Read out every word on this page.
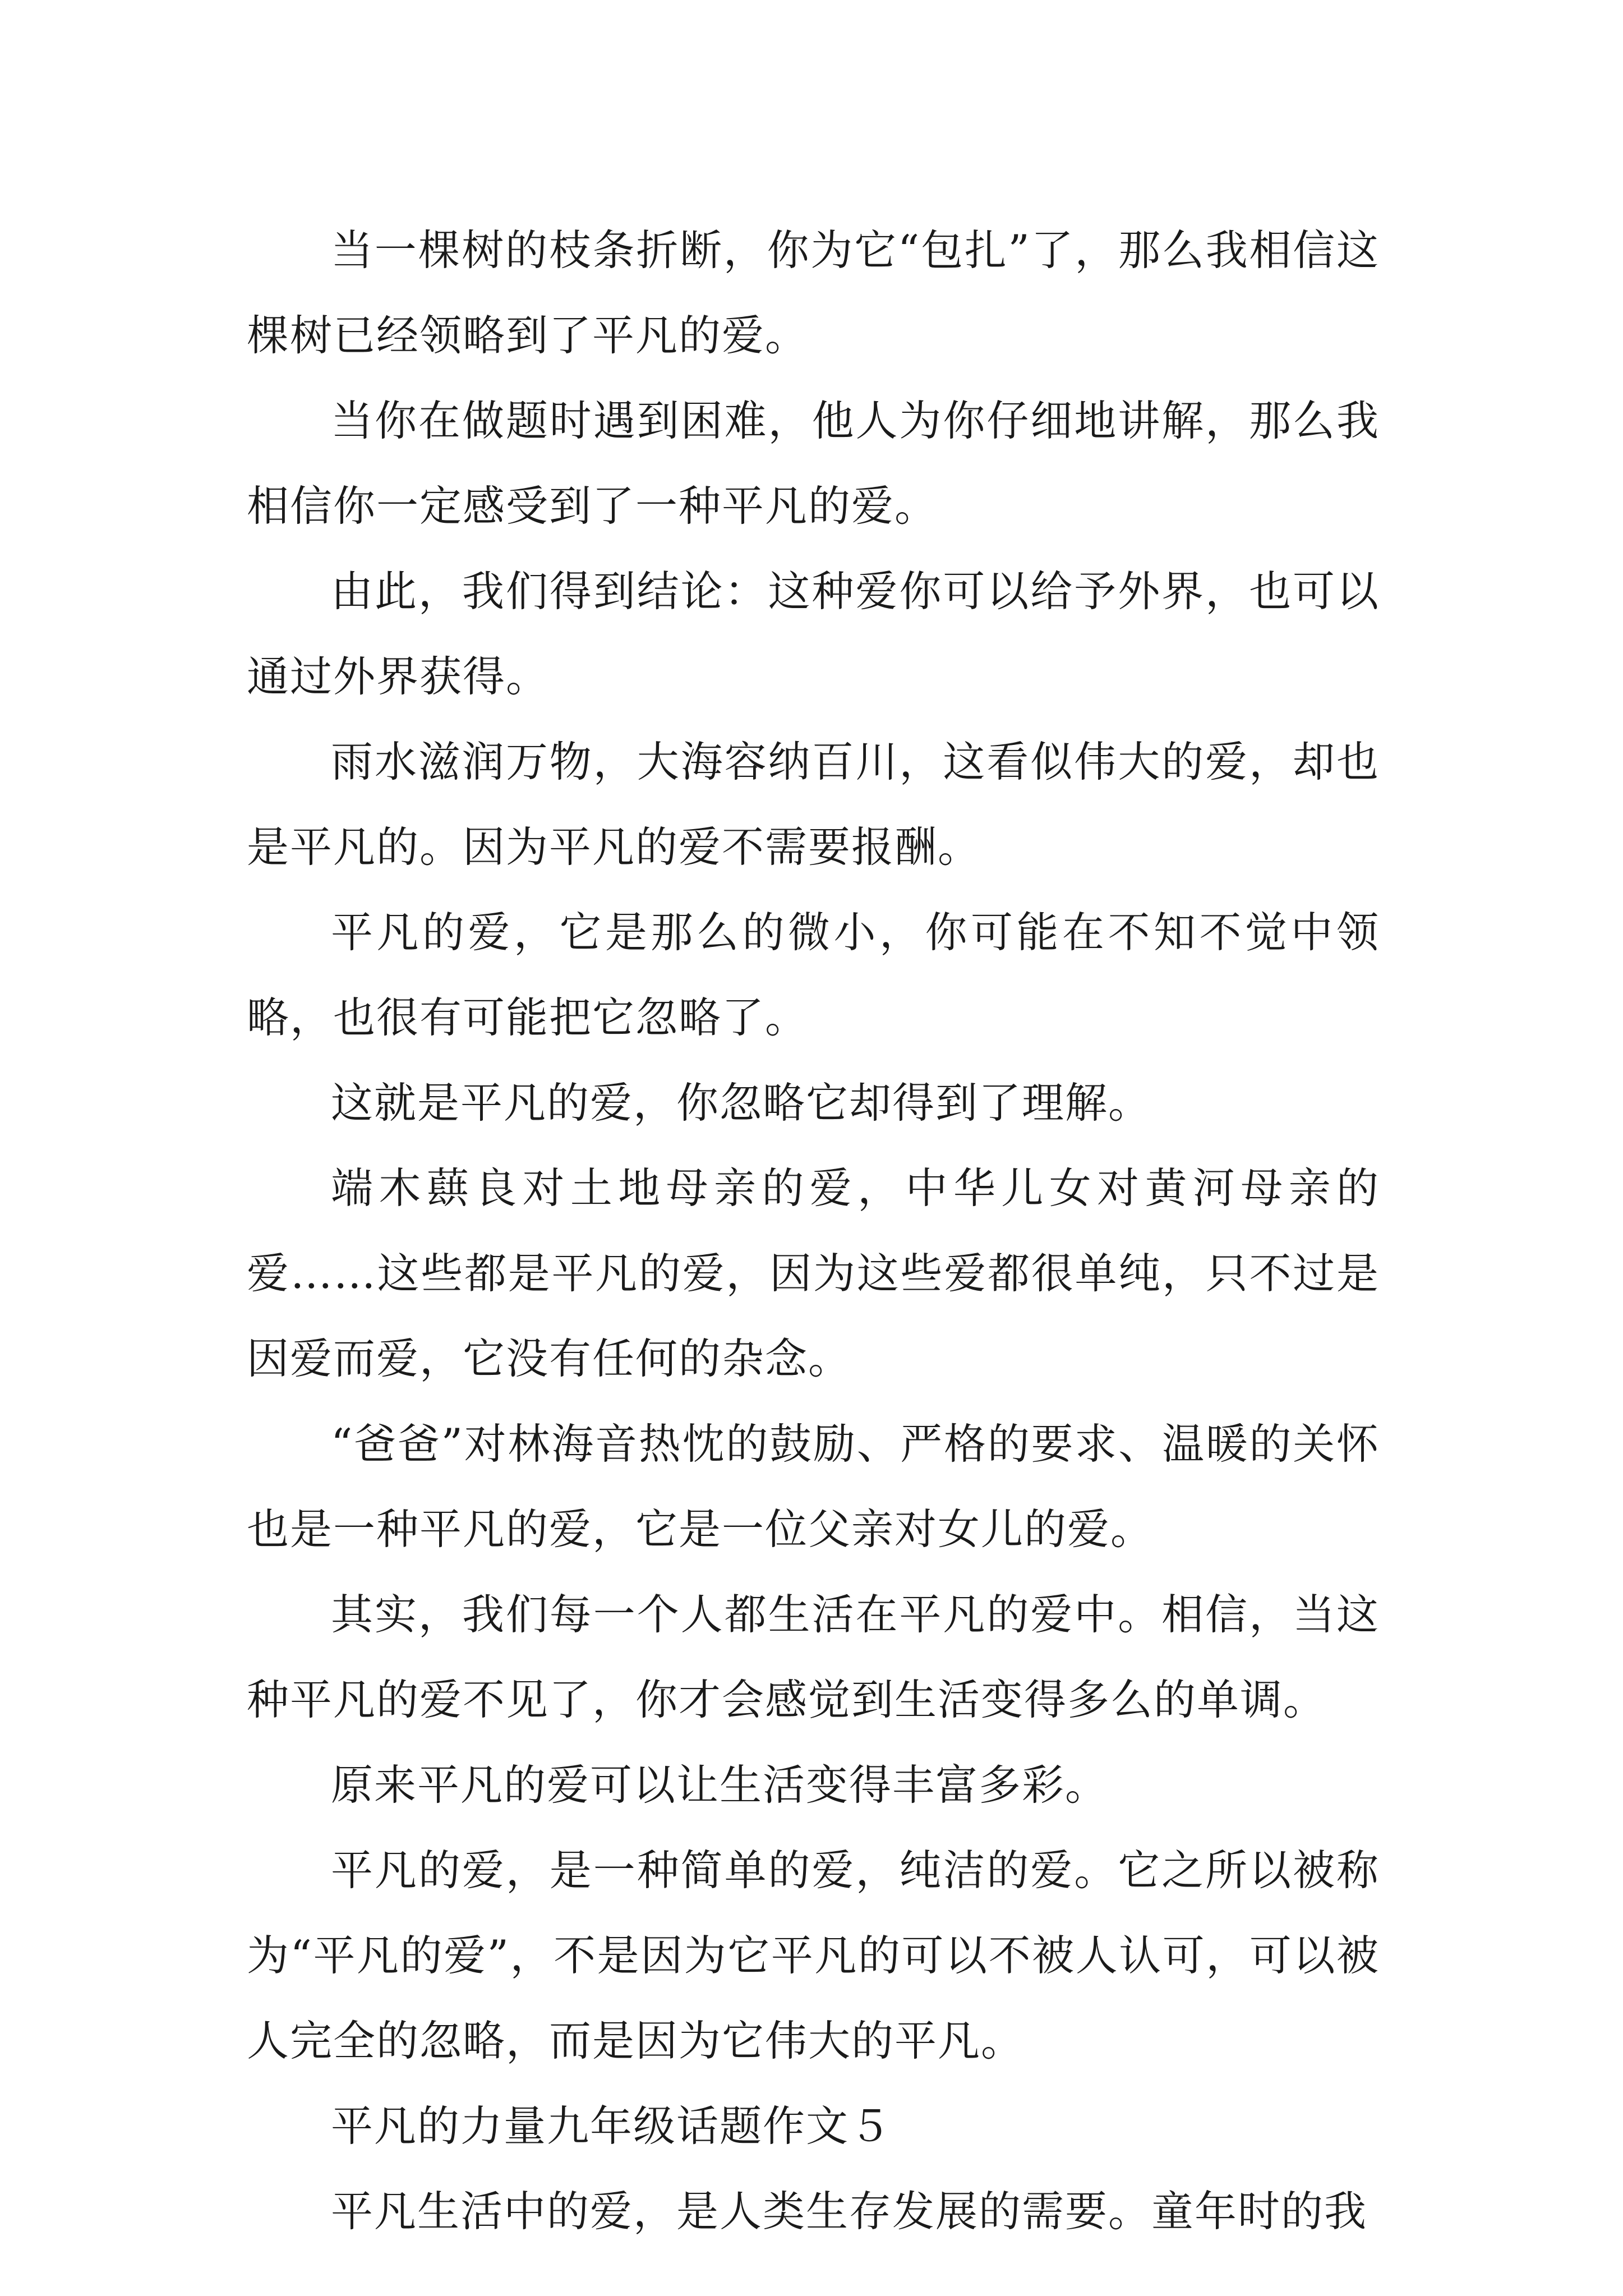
当一棵树的枝条折断，你为它“包扎”了，那么我相信这棵树已经领略到了平凡的爱。

当你在做题时遇到困难，他人为你仔细地讲解，那么我相信你一定感受到了一种平凡的爱。

由此，我们得到结论：这种爱你可以给予外界，也可以通过外界获得。

雨水滋润万物，大海容纳百川，这看似伟大的爱，却也是平凡的。因为平凡的爱不需要报酬。

平凡的爱，它是那么的微小，你可能在不知不觉中领略，也很有可能把它忽略了。

这就是平凡的爱，你忽略它却得到了理解。

端木蕻良对土地母亲的爱，中华儿女对黄河母亲的爱……这些都是平凡的爱，因为这些爱都很单纯，只不过是因爱而爱，它没有任何的杂念。

“爸爸”对林海音热忱的鼓励、严格的要求、温暖的关怀也是一种平凡的爱，它是一位父亲对女儿的爱。

其实，我们每一个人都生活在平凡的爱中。相信，当这种平凡的爱不见了，你才会感觉到生活变得多么的单调。

原来平凡的爱可以让生活变得丰富多彩。

平凡的爱，是一种简单的爱，纯洁的爱。它之所以被称为“平凡的爱”，不是因为它平凡的可以不被人认可，可以被人完全的忽略，而是因为它伟大的平凡。

平凡的力量九年级话题作文５

平凡生活中的爱，是人类生存发展的需要。童年时的我
